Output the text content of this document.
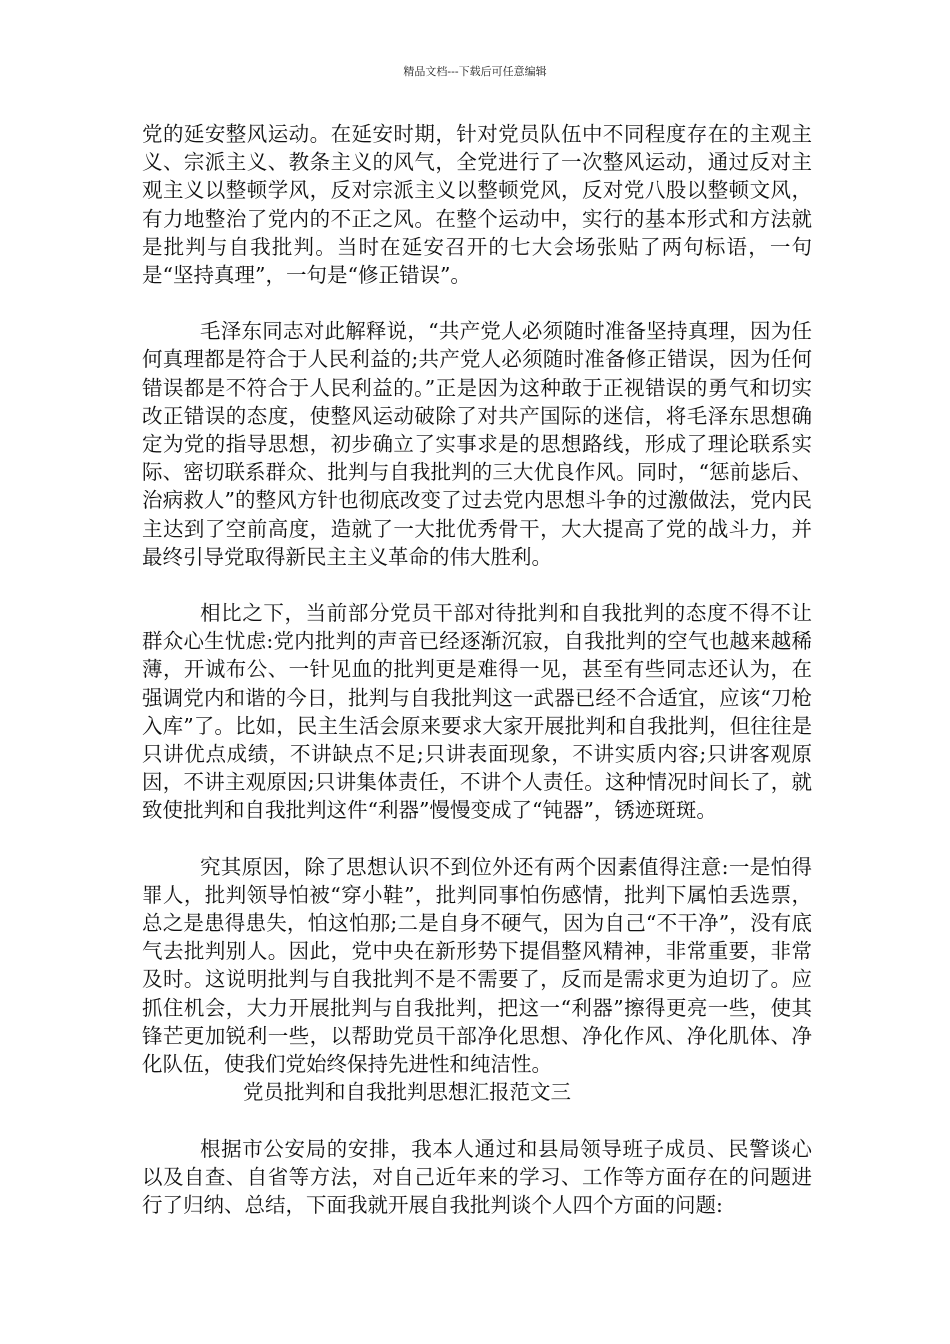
精品文档---下载后可任意编辑

党的延安整风运动。在延安时期，针对党员队伍中不同程度存在的主观主义、宗派主义、教条主义的风气，全党进行了一次整风运动，通过反对主观主义以整顿学风，反对宗派主义以整顿党风，反对党八股以整顿文风，有力地整治了党内的不正之风。在整个运动中，实行的基本形式和方法就是批判与自我批判。当时在延安召开的七大会场张贴了两句标语，一句是“坚持真理”，一句是“修正错误”。

毛泽东同志对此解释说，“共产党人必须随时准备坚持真理，因为任何真理都是符合于人民利益的;共产党人必须随时准备修正错误，因为任何错误都是不符合于人民利益的。”正是因为这种敢于正视错误的勇气和切实改正错误的态度，使整风运动破除了对共产国际的迷信，将毛泽东思想确定为党的指导思想，初步确立了实事求是的思想路线，形成了理论联系实际、密切联系群众、批判与自我批判的三大优良作风。同时，“惩前毖后、治病救人”的整风方针也彻底改变了过去党内思想斗争的过激做法，党内民主达到了空前高度，造就了一大批优秀骨干，大大提高了党的战斗力，并最终引导党取得新民主主义革命的伟大胜利。

相比之下，当前部分党员干部对待批判和自我批判的态度不得不让群众心生忧虑:党内批判的声音已经逐渐沉寂，自我批判的空气也越来越稀薄，开诚布公、一针见血的批判更是难得一见，甚至有些同志还认为，在强调党内和谐的今日，批判与自我批判这一武器已经不合适宜，应该“刀枪入库”了。比如，民主生活会原来要求大家开展批判和自我批判，但往往是只讲优点成绩，不讲缺点不足;只讲表面现象，不讲实质内容;只讲客观原因，不讲主观原因;只讲集体责任，不讲个人责任。这种情况时间长了，就致使批判和自我批判这件“利器”慢慢变成了“钝器”，锈迹斑斑。

究其原因，除了思想认识不到位外还有两个因素值得注意:一是怕得罪人，批判领导怕被“穿小鞋”，批判同事怕伤感情，批判下属怕丢选票，总之是患得患失，怕这怕那;二是自身不硬气，因为自己“不干净”，没有底气去批判别人。因此，党中央在新形势下提倡整风精神，非常重要，非常及时。这说明批判与自我批判不是不需要了，反而是需求更为迫切了。应抓住机会，大力开展批判与自我批判，把这一“利器”擦得更亮一些，使其锋芒更加锐利一些，以帮助党员干部净化思想、净化作风、净化肌体、净化队伍，使我们党始终保持先进性和纯洁性。

党员批判和自我批判思想汇报范文三

根据市公安局的安排，我本人通过和县局领导班子成员、民警谈心以及自查、自省等方法，对自己近年来的学习、工作等方面存在的问题进行了归纳、总结，下面我就开展自我批判谈个人四个方面的问题:
